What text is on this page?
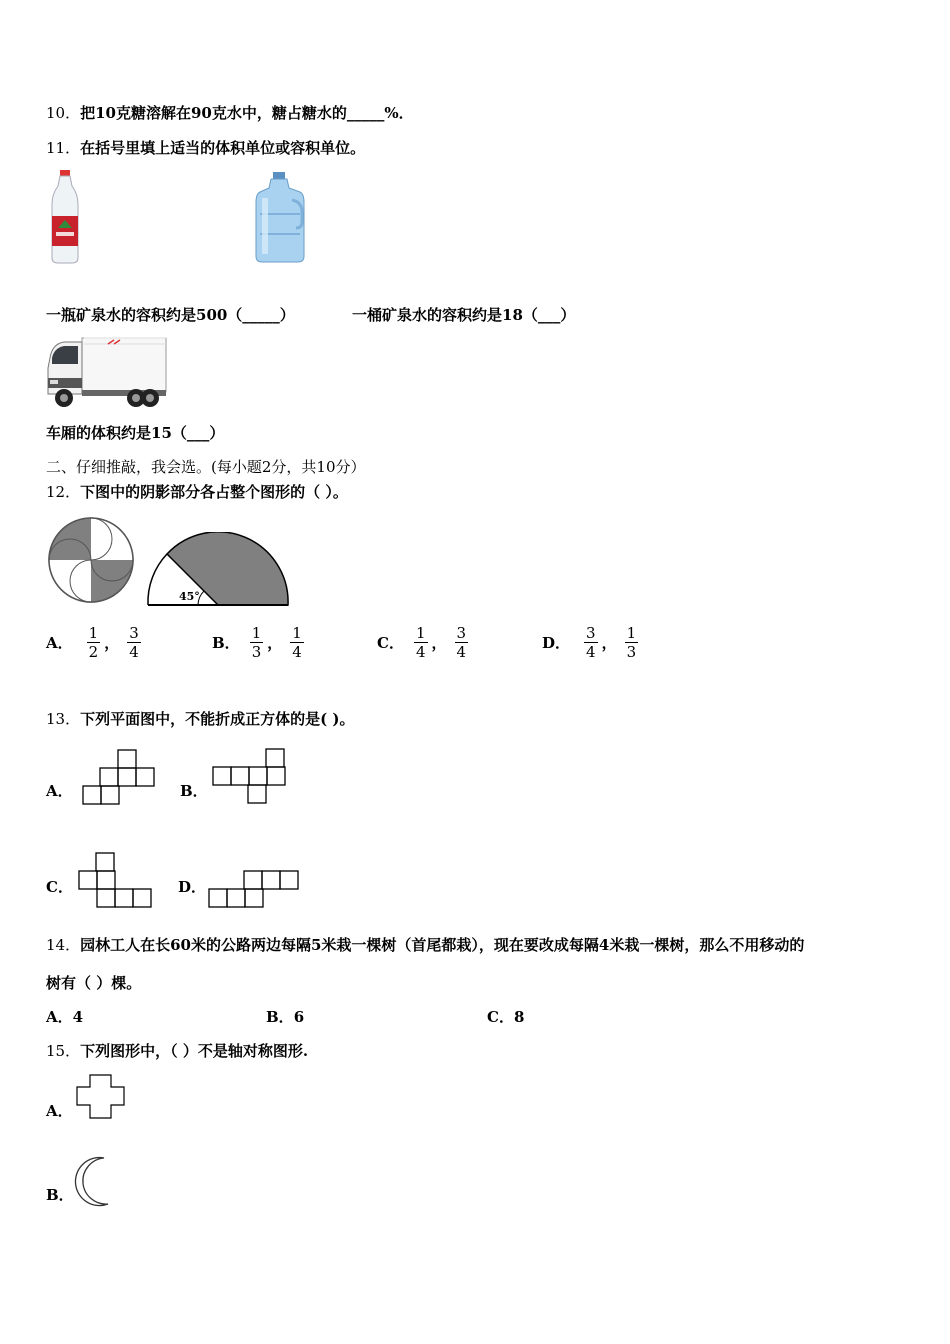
10．把10克糖溶解在90克水中，糖占糖水的_____%．
11．在括号里填上适当的体积单位或容积单位。
一瓶矿泉水的容积约是500（_____）	一桶矿泉水的容积约是18（___）
车厢的体积约是15（___）
二、仔细推敲，我会选。(每小题2分，共10分）
12．下图中的阴影部分各占整个图形的（ ）。
45°
A． $\frac{1}{2}$ ， $\frac{3}{4}$	B． $\frac{1}{3}$ ， $\frac{1}{4}$	C． $\frac{1}{4}$ ， $\frac{3}{4}$	D． $\frac{3}{4}$ ， $\frac{1}{3}$
13．下列平面图中，不能折成正方体的是( )。
A．	B．
C．	D．
14．园林工人在长60米的公路两边每隔5米栽一棵树（首尾都栽），现在要改成每隔4米栽一棵树，那么不用移动的
树有（ ）棵。
A．4	B．6	C．8
15．下列图形中，（ ）不是轴对称图形.
A．
B．
